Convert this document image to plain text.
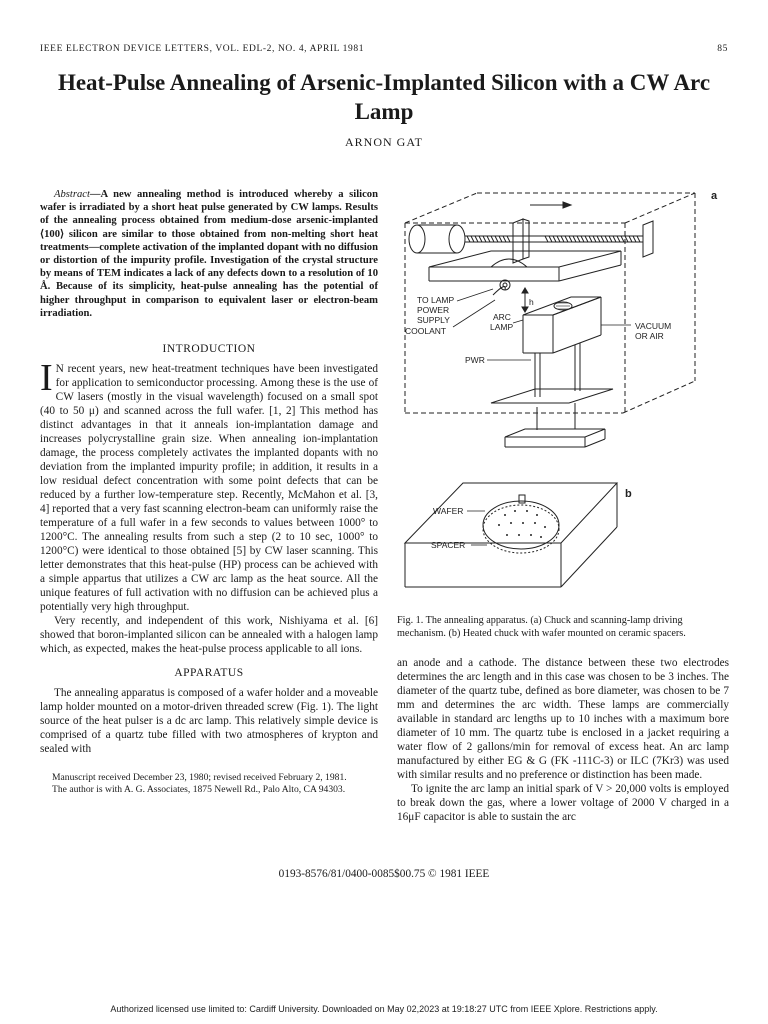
IEEE ELECTRON DEVICE LETTERS, VOL. EDL-2, NO. 4, APRIL 1981	85
Heat-Pulse Annealing of Arsenic-Implanted Silicon with a CW Arc Lamp
ARNON GAT

Abstract—A new annealing method is introduced whereby a silicon wafer is irradiated by a short heat pulse generated by CW lamps. Results of the annealing process obtained from medium-dose arsenic-implanted ⟨100⟩ silicon are similar to those obtained from non-melting short heat treatments—complete activation of the implanted dopant with no diffusion or distortion of the impurity profile. Investigation of the crystal structure by means of TEM indicates a lack of any defects down to a resolution of 10 Å. Because of its simplicity, heat-pulse annealing has the potential of higher throughput in comparison to equivalent laser or electron-beam irradiation.

INTRODUCTION

I N recent years, new heat-treatment techniques have been investigated for application to semiconductor processing. Among these is the use of CW lasers (mostly in the visual wavelength) focused on a small spot (40 to 50 μ) and scanned across the full wafer. [1, 2] This method has distinct advantages in that it anneals ion-implantation damage and increases polycrystalline grain size. When annealing ion-implantation damage, the process completely activates the implanted dopants with no deviation from the implanted impurity profile; in addition, it results in a low residual defect concentration with some point defects that can be reduced by a further low-temperature step. Recently, McMahon et al. [3, 4] reported that a very fast scanning electron-beam can uniformly raise the temperature of a full wafer in a few seconds to values between 1000° to 1200°C. The annealing results from such a step (2 to 10 sec, 1000° to 1200°C) were identical to those obtained [5] by CW laser scanning. This letter demonstrates that this heat-pulse (HP) process can be achieved with a simple appartus that utilizes a CW arc lamp as the heat source. All the unique features of full activation with no diffusion can be achieved plus a potentially very high throughput.

Very recently, and independent of this work, Nishiyama et al. [6] showed that boron-implanted silicon can be annealed with a halogen lamp which, as expected, makes the heat-pulse process applicable to all ions.

APPARATUS

The annealing apparatus is composed of a wafer holder and a moveable lamp holder mounted on a motor-driven threaded screw (Fig. 1). The light source of the heat pulser is a dc arc lamp. This relatively simple device is comprised of a quartz tube filled with two atmospheres of krypton and sealed with

Manuscript received December 23, 1980; revised received February 2, 1981.

The author is with A. G. Associates, 1875 Newell Rd., Palo Alto, CA 94303.

a
b
TO LAMP
POWER
SUPPLY
COOLANT
ARC
LAMP	VACUUM
OR AIR
PWR
h
WAFER
SPACER
Fig. 1. The annealing apparatus. (a) Chuck and scanning-lamp driving mechanism. (b) Heated chuck with wafer mounted on ceramic spacers.

an anode and a cathode. The distance between these two electrodes determines the arc length and in this case was chosen to be 3 inches. The diameter of the quartz tube, defined as bore diameter, was chosen to be 7 mm and determines the arc width. These lamps are commercially available in standard arc lengths up to 10 inches with a maximum bore diameter of 10 mm. The quartz tube is enclosed in a jacket requiring a water flow of 2 gallons/min for removal of excess heat. An arc lamp manufactured by either EG & G (FK -111C-3) or ILC (7Kr3) was used with similar results and no preference or distinction has been made.

To ignite the arc lamp an initial spark of V > 20,000 volts is employed to break down the gas, where a lower voltage of 2000 V charged in a 16μF capacitor is able to sustain the arc

0193-8576/81/0400-0085$00.75 © 1981 IEEE
Authorized licensed use limited to: Cardiff University. Downloaded on May 02,2023 at 19:18:27 UTC from IEEE Xplore. Restrictions apply.
